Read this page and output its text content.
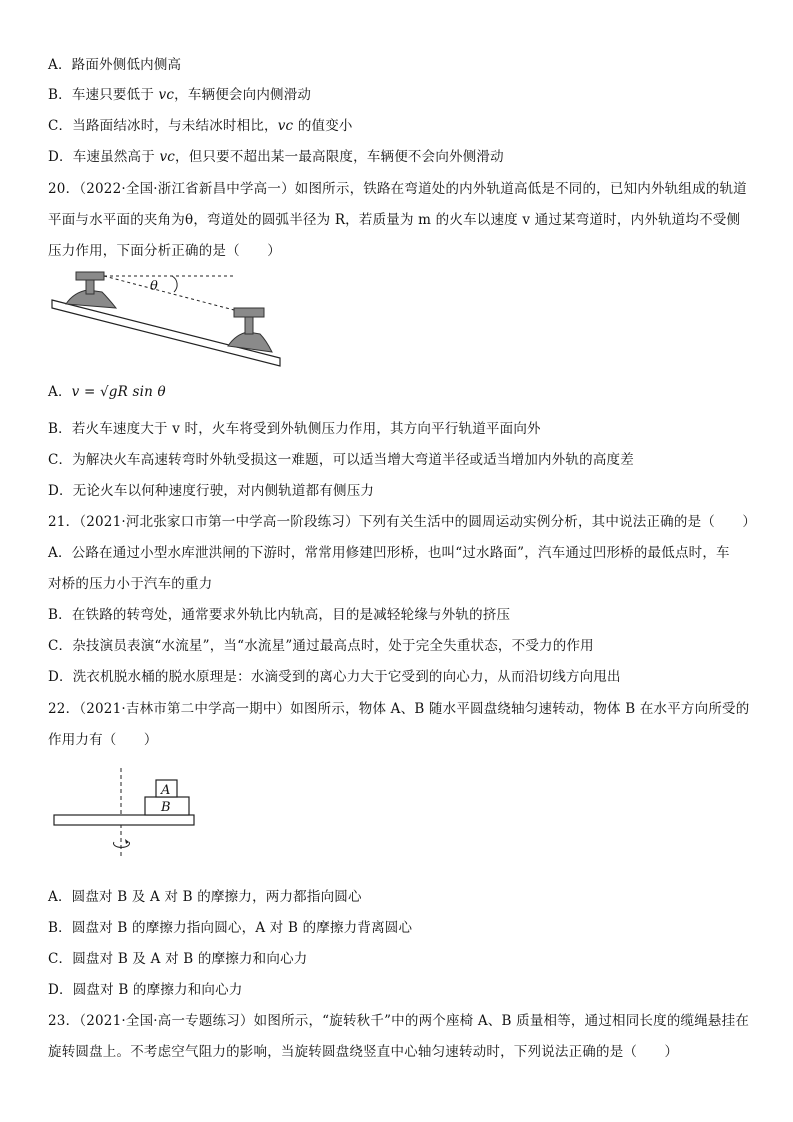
A．路面外侧低内侧高
B．车速只要低于 vc，车辆便会向内侧滑动
C．当路面结冰时，与未结冰时相比，vc 的值变小
D．车速虽然高于 vc，但只要不超出某一最高限度，车辆便不会向外侧滑动
20．（2022·全国·浙江省新昌中学高一）如图所示，铁路在弯道处的内外轨道高低是不同的，已知内外轨组成的轨道
平面与水平面的夹角为θ，弯道处的圆弧半径为 R，若质量为 m 的火车以速度 v 通过某弯道时，内外轨道均不受侧
压力作用，下面分析正确的是（　　）
θ
A．v = √gR sin θ
B．若火车速度大于 v 时，火车将受到外轨侧压力作用，其方向平行轨道平面向外
C．为解决火车高速转弯时外轨受损这一难题，可以适当增大弯道半径或适当增加内外轨的高度差
D．无论火车以何种速度行驶，对内侧轨道都有侧压力
21．（2021·河北张家口市第一中学高一阶段练习）下列有关生活中的圆周运动实例分析，其中说法正确的是（　　）
A．公路在通过小型水库泄洪闸的下游时，常常用修建凹形桥，也叫“过水路面”，汽车通过凹形桥的最低点时，车
对桥的压力小于汽车的重力
B．在铁路的转弯处，通常要求外轨比内轨高，目的是减轻轮缘与外轨的挤压
C．杂技演员表演“水流星”，当“水流星”通过最高点时，处于完全失重状态，不受力的作用
D．洗衣机脱水桶的脱水原理是：水滴受到的离心力大于它受到的向心力，从而沿切线方向甩出
22．（2021·吉林市第二中学高一期中）如图所示，物体 A、B 随水平圆盘绕轴匀速转动，物体 B 在水平方向所受的
作用力有（　　）
A
B
A．圆盘对 B 及 A 对 B 的摩擦力，两力都指向圆心
B．圆盘对 B 的摩擦力指向圆心，A 对 B 的摩擦力背离圆心
C．圆盘对 B 及 A 对 B 的摩擦力和向心力
D．圆盘对 B 的摩擦力和向心力
23．（2021·全国·高一专题练习）如图所示，“旋转秋千”中的两个座椅 A、B 质量相等，通过相同长度的缆绳悬挂在
旋转圆盘上。不考虑空气阻力的影响，当旋转圆盘绕竖直中心轴匀速转动时，下列说法正确的是（　　）
